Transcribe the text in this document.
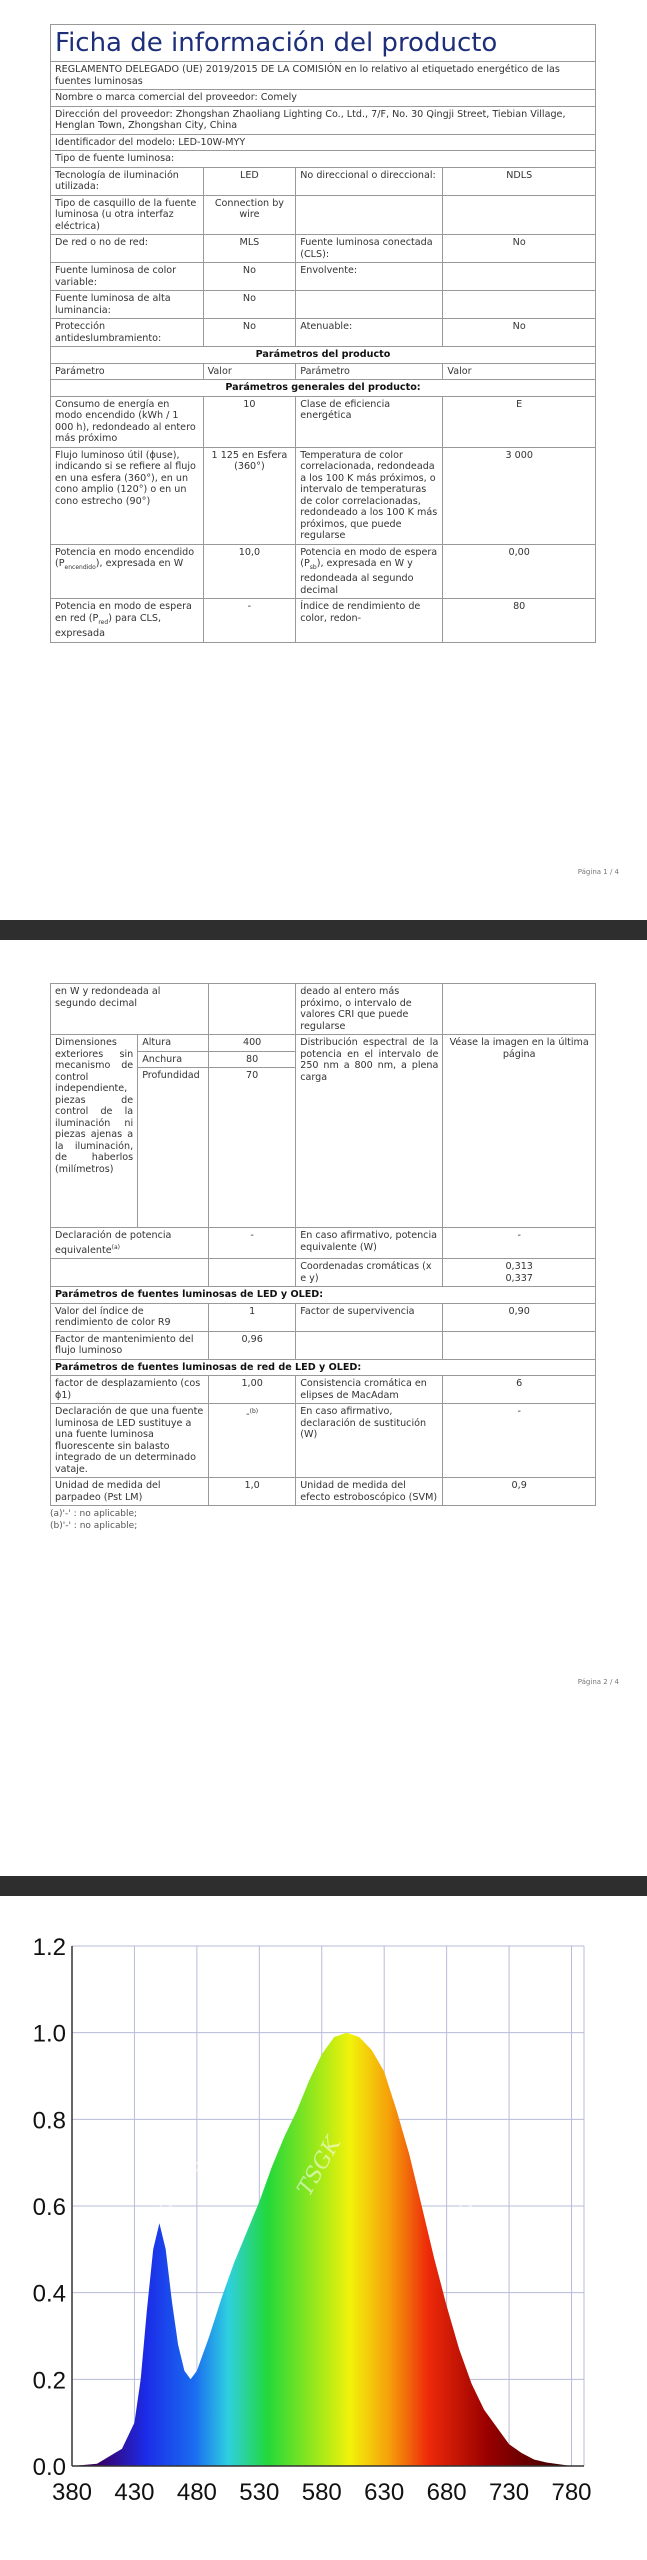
Ficha de información del producto
REGLAMENTO DELEGADO (UE) 2019/2015 DE LA COMISIÓN en lo relativo al etiquetado energético de las fuentes luminosas			
Nombre o marca comercial del proveedor: Comely			
Dirección del proveedor: Zhongshan Zhaoliang Lighting Co., Ltd., 7/F, No. 30 Qingji Street, Tiebian Village, Henglan Town, Zhongshan City, China			
Identificador del modelo: LED-10W-MYY			
Tipo de fuente luminosa:			
Tecnología de iluminación utilizada:	LED	No direccional o direccional:	NDLS
Tipo de casquillo de la fuente luminosa (u otra interfaz eléctrica)	Connection by wire		
De red o no de red:	MLS	Fuente luminosa conectada (CLS):	No
Fuente luminosa de color variable:	No	Envolvente:	
Fuente luminosa de alta luminancia:	No		
Protección antideslumbramiento:	No	Atenuable:	No
Parámetros del producto			
Parámetro	Valor	Parámetro	Valor
Parámetros generales del producto:			
Consumo de energía en modo encendido (kWh / 1 000 h), redondeado al entero más próximo	10	Clase de eficiencia energética	E
Flujo luminoso útil (ɸuse), indicando si se refiere al flujo en una esfera (360°), en un cono amplio (120°) o en un cono estrecho (90°)	1 125 en Esfera (360°)	Temperatura de color correlacionada, redondeada a los 100 K más próximos, o intervalo de temperaturas de color correlacionadas, redondeado a los 100 K más próximos, que puede regularse	3 000
Potencia en modo encendido $(P_{encendido})$, expresada en W	10,0	Potencia en modo de espera $(P_{sb})$, expresada en W y redondeada al segundo decimal	0,00
Potencia en modo de espera en red $(P_{red})$ para CLS, expresada	-	Índice de rendimiento de color, redon-	80
Página 1 / 4
en W y redondeada al segundo decimal			deado al entero más próximo, o intervalo de valores CRI que puede regularse	
Dimensiones exteriores sin mecanismo de control independiente, piezas de control de la iluminación ni piezas ajenas a la iluminación, de haberlos (milímetros)	Altura	400	Distribución espectral de la potencia en el intervalo de 250 nm a 800 nm, a plena carga	Véase la imagen en la última página
	Anchura	80		
	Profundidad	70		
Declaración de potencia equivalente$^{(a)}$		-	En caso afirmativo, potencia equivalente (W)	-
			Coordenadas cromáticas (x e y)	0,313
0,337

Parámetros de fuentes luminosas de LED y OLED:				
Valor del índice de rendimiento de color R9		1	Factor de supervivencia	0,90
Factor de mantenimiento del flujo luminoso		0,96		
Parámetros de fuentes luminosas de red de LED y OLED:				
factor de desplazamiento (cos ɸ1)		1,00	Consistencia cromática en elipses de MacAdam	6
Declaración de que una fuente luminosa de LED sustituye a una fuente luminosa fluorescente sin balasto integrado de un determinado vataje.		-$^{(b)}$	En caso afirmativo, declaración de sustitución (W)	-
Unidad de medida del parpadeo (Pst LM)		1,0	Unidad de medida del efecto estroboscópico (SVM)	0,9
(a)'-' : no aplicable;
(b)'-' : no aplicable;
Página 2 / 4
380 430 480 530 580 630 680 730 780
0.0
0.2
0.4
0.6
0.8
1.0
1.2
TSGK	TSGK	TSGK
